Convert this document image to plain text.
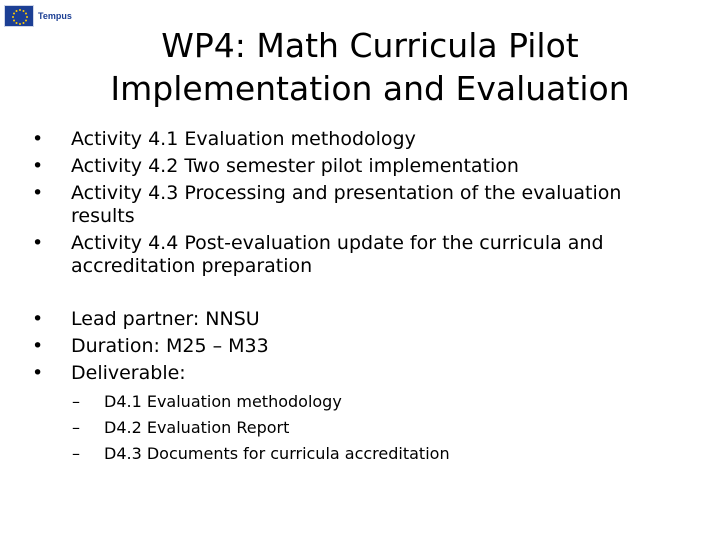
Tempus
WP4: Math Curricula Pilot
Implementation and Evaluation
• Activity 4.1 Evaluation methodology
• Activity 4.2 Two semester pilot implementation
• Activity 4.3 Processing and presentation of the evaluation results
• Activity 4.4 Post-evaluation update for the curricula and accreditation preparation
• Lead partner: NNSU
• Duration: M25 – M33
• Deliverable:
– D4.1 Evaluation methodology
– D4.2 Evaluation Report
– D4.3 Documents for curricula accreditation
